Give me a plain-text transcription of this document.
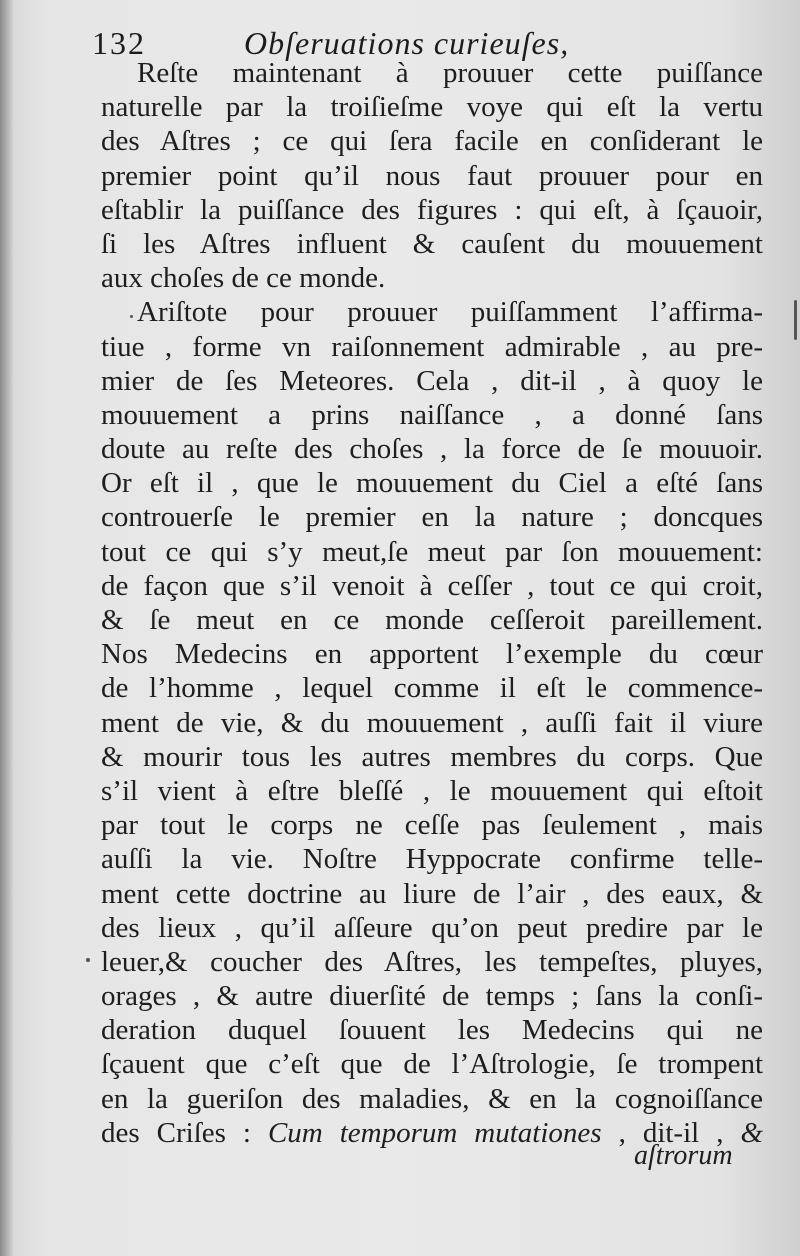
132	Obſeruations curieuſes,
Reſte maintenant à prouuer cette puiſſance
naturelle par la troiſieſme voye qui eſt la vertu
des Aſtres ; ce qui ſera facile en conſiderant le
premier point qu’il nous faut prouuer pour en
eſtablir la puiſſance des figures : qui eſt, à ſçauoir,
ſi les Aſtres influent & cauſent du mouuement
aux choſes de ce monde.
Ariſtote pour prouuer puiſſamment l’affirma-
tiue , forme vn raiſonnement admirable , au pre-
mier de ſes Meteores. Cela , dit-il , à quoy le
mouuement a prins naiſſance , a donné ſans
doute au reſte des choſes , la force de ſe mouuoir.
Or eſt il , que le mouuement du Ciel a eſté ſans
controuerſe le premier en la nature ; doncques
tout ce qui s’y meut,ſe meut par ſon mouuement:
de façon que s’il venoit à ceſſer , tout ce qui croit,
& ſe meut en ce monde ceſſeroit pareillement.
Nos Medecins en apportent l’exemple du cœur
de l’homme , lequel comme il eſt le commence-
ment de vie, & du mouuement , auſſi fait il viure
& mourir tous les autres membres du corps. Que
s’il vient à eſtre bleſſé , le mouuement qui eſtoit
par tout le corps ne ceſſe pas ſeulement , mais
auſſi la vie. Noſtre Hyppocrate confirme telle-
ment cette doctrine au liure de l’air , des eaux, &
des lieux , qu’il aſſeure qu’on peut predire par le
leuer,& coucher des Aſtres, les tempeſtes, pluyes,
orages , & autre diuerſité de temps ; ſans la conſi-
deration duquel ſouuent les Medecins qui ne
ſçauent que c’eſt que de l’Aſtrologie, ſe trompent
en la gueriſon des maladies, & en la cognoiſſance
des Criſes : Cum temporum mutationes , dit-il , &
aſtrorum
